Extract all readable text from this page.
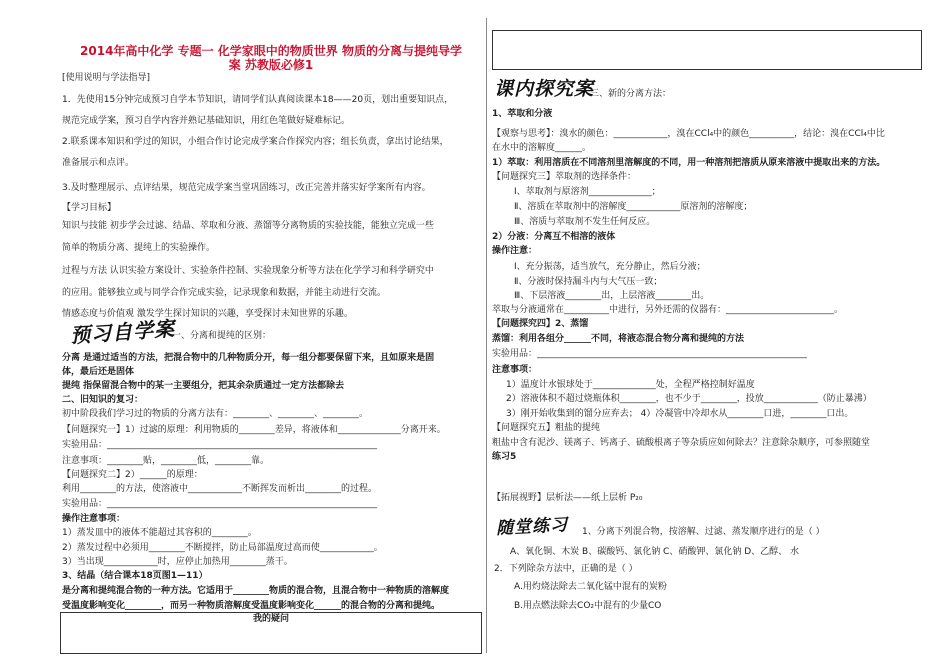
2014年高中化学 专题一 化学家眼中的物质世界 物质的分离与提纯导学
案 苏教版必修1
[使用说明与学法指导]
1．先使用15分钟完成预习自学本节知识，请同学们认真阅读课本18——20页，划出重要知识点，
规范完成学案，预习自学内容并熟记基础知识，用红色笔做好疑难标记。
2.联系课本知识和学过的知识，小组合作讨论完成学案合作探究内容；组长负责，拿出讨论结果，
准备展示和点评。
3.及时整理展示、点评结果，规范完成学案当堂巩固练习，改正完善并落实好学案所有内容。
【学习目标】
知识与技能 初步学会过滤、结晶、萃取和分液、蒸馏等分离物质的实验技能，能独立完成一些
简单的物质分离、提纯上的实验操作。
过程与方法 认识实验方案设计、实验条件控制、实验现象分析等方法在化学学习和科学研究中
的应用。能够独立或与同学合作完成实验，记录现象和数据，并能主动进行交流。
情感态度与价值观 激发学生探讨知识的兴趣，享受探讨未知世界的乐趣。
一、分离和提纯的区别：
分离 是通过适当的方法，把混合物中的几种物质分开，每一组分都要保留下来，且如原来是固
体，最后还是固体
提纯 指保留混合物中的某一主要组分，把其余杂质通过一定方法都除去
二、旧知识的复习：
初中阶段我们学习过的物质的分离方法有：________、________、________。
【问题探究一】1）过滤的原理：利用物质的________差异，将液体和______________分离开来。
实验用品：____________________________________________________________
注意事项：________贴，________低，________靠。
【问题探究二】2）______的原理：
利用________的方法，使溶液中____________不断挥发而析出________的过程。
实验用品：____________________________________________________________
操作注意事项：
1）蒸发皿中的液体不能超过其容积的________。
2）蒸发过程中必须用________不断搅拌，防止局部温度过高而使____________。
3）当出现____________时，应停止加热用________蒸干。
3、结晶（结合课本18页图1—11）
是分离和提纯混合物的一种方法。它适用于________物质的混合物，且混合物中一种物质的溶解度
受温度影响变化________，而另一种物质溶解度受温度影响变化______的混合物的分离和提纯。
预习自学案
我的疑问
三、新的分离方法：
1、萃取和分液
【观察与思考】：溴水的颜色：____________，溴在CCl₄中的颜色__________，结论：溴在CCl₄中比
在水中的溶解度______。
1）萃取：利用溶质在不同溶剂里溶解度的不同，用一种溶剂把溶质从原来溶液中提取出来的方法。
【问题探究三】萃取剂的选择条件：
Ⅰ、萃取剂与原溶剂______________；
Ⅱ、溶质在萃取剂中的溶解度____________原溶剂的溶解度；
Ⅲ、溶质与萃取剂不发生任何反应。
2）分液：分离互不相溶的液体
操作注意：
Ⅰ、充分振荡，适当放气，充分静止，然后分液；
Ⅱ、分液时保持漏斗内与大气压一致；
Ⅲ、下层溶液________出，上层溶液________出。
萃取与分液通常在__________中进行，另外还需的仪器有：________________________。
【问题探究四】2、蒸馏
蒸馏：利用各组分______不同，将液态混合物分离和提纯的方法
实验用品：____________________________________________________________
注意事项：
1）温度计水银球处于______________处，全程严格控制好温度
2）溶液体积不超过烧瓶体积________，也不少于________，投放____________（防止暴沸）
3）刚开始收集到的馏分应弃去； 4）冷凝管中冷却水从________口进，________口出。
【问题探究五】粗盐的提纯
粗盐中含有泥沙、镁离子、钙离子、硫酸根离子等杂质应如何除去？注意除杂顺序，可参照随堂
练习5
【拓展视野】层析法——纸上层析 P₂₀
1、分离下列混合物，按溶解、过滤、蒸发顺序进行的是（ ）
A、氧化铜、木炭 B、碳酸钙、氯化钠 C、硝酸钾、氯化钠 D、乙醇、 水
2．下列除杂方法中，正确的是（ ）
A.用灼烧法除去二氧化锰中混有的炭粉
B.用点燃法除去CO₂中混有的少量CO
课内探究案
随堂练习
